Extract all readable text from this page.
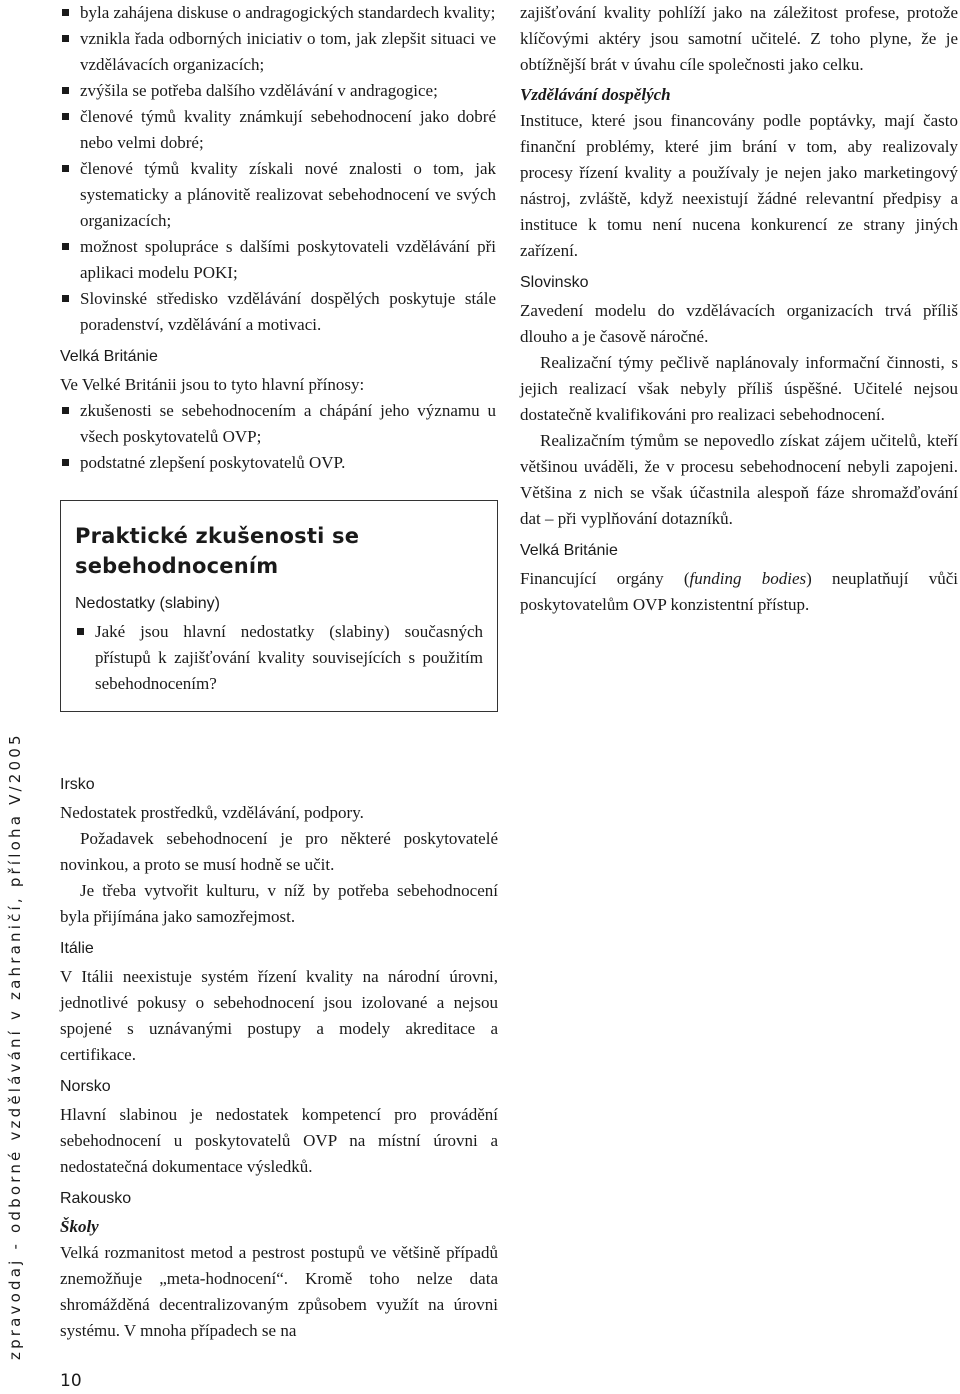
byla zahájena diskuse o andragogických standardech kvality;

vznikla řada odborných iniciativ o tom, jak zlepšit situaci ve vzdělávacích organizacích;

zvýšila se potřeba dalšího vzdělávání v andragogice;

členové týmů kvality známkují sebehodnocení jako dobré nebo velmi dobré;

členové týmů kvality získali nové znalosti o tom, jak systematicky a plánovitě realizovat sebehodnocení ve svých organizacích;

možnost spolupráce s dalšími poskytovateli vzdělávání při aplikaci modelu POKI;

Slovinské středisko vzdělávání dospělých poskytuje stále poradenství, vzdělávání a motivaci.

Velká Británie

Ve Velké Británii jsou to tyto hlavní přínosy:

zkušenosti se sebehodnocením a chápání jeho významu u všech poskytovatelů OVP;

podstatné zlepšení poskytovatelů OVP.

Praktické zkušenosti se sebehodnocením
Nedostatky (slabiny)

Jaké jsou hlavní nedostatky (slabiny) současných přístupů k zajišťování kvality souvisejících s použitím sebehodnocením?

zajišťování kvality pohlíží jako na záležitost profese, protože klíčovými aktéry jsou samotní učitelé. Z toho plyne, že je obtížnější brát v úvahu cíle společnosti jako celku.

Vzdělávání dospělých

Instituce, které jsou financovány podle poptávky, mají často finanční problémy, které jim brání v tom, aby realizovaly procesy řízení kvality a používaly je nejen jako marketingový nástroj, zvláště, když neexistují žádné relevantní předpisy a instituce k tomu není nucena konkurencí ze strany jiných zařízení.

Slovinsko

Zavedení modelu do vzdělávacích organizacích trvá příliš dlouho a je časově náročné.

Realizační týmy pečlivě naplánovaly informační činnosti, s jejich realizací však nebyly příliš úspěšné. Učitelé nejsou dostatečně kvalifikováni pro realizaci sebehodnocení.

Realizačním týmům se nepovedlo získat zájem učitelů, kteří většinou uváděli, že v procesu sebehodnocení nebyli zapojeni. Většina z nich se však účastnila alespoň fáze shromažďování dat – při vyplňování dotazníků.

Velká Británie

Financující orgány (funding bodies) neuplatňují vůči poskytovatelům OVP konzistentní přístup.

Irsko

Nedostatek prostředků, vzdělávání, podpory.

Požadavek sebehodnocení je pro některé poskytovatelé novinkou, a proto se musí hodně se učit.

Je třeba vytvořit kulturu, v níž by potřeba sebehodnocení byla přijímána jako samozřejmost.

Itálie

V Itálii neexistuje systém řízení kvality na národní úrovni, jednotlivé pokusy o sebehodnocení jsou izolované a nejsou spojené s uznávanými postupy a modely akreditace a certifikace.

Norsko

Hlavní slabinou je nedostatek kompetencí pro provádění sebehodnocení u poskytovatelů OVP na místní úrovni a nedostatečná dokumentace výsledků.

Rakousko
Školy

Velká rozmanitost metod a pestrost postupů ve většině případů znemožňuje „meta-hodnocení“. Kromě toho nelze data shromážděná decentralizovaným způsobem využít na úrovni systému. V mnoha případech se na

zpravodaj - odborné vzdělávání v zahraničí, příloha V/2005
10
